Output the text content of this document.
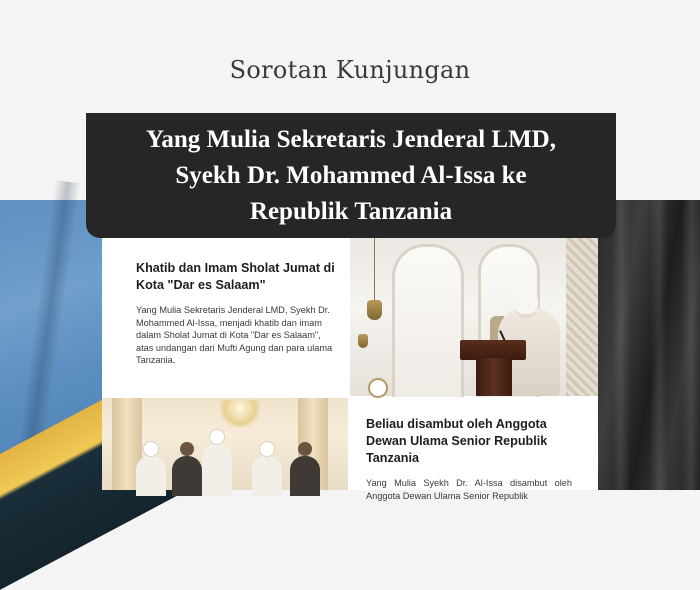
Sorotan Kunjungan
Khatib dan Imam Sholat Jumat di Kota "Dar es Salaam"

Yang Mulia Sekretaris Jenderal LMD, Syekh Dr. Mohammed Al-Issa, menjadi khatib dan imam dalam Sholat Jumat di Kota "Dar es Salaam", atas undangan dari Mufti Agung dan para ulama Tanzania.

Beliau disambut oleh Anggota Dewan Ulama Senior Republik Tanzania

Yang Mulia Syekh Dr. Al-Issa disambut oleh Anggota Dewan Ulama Senior Republik

Yang Mulia Sekretaris Jenderal LMD,
Syekh Dr. Mohammed Al-Issa ke
Republik Tanzania
